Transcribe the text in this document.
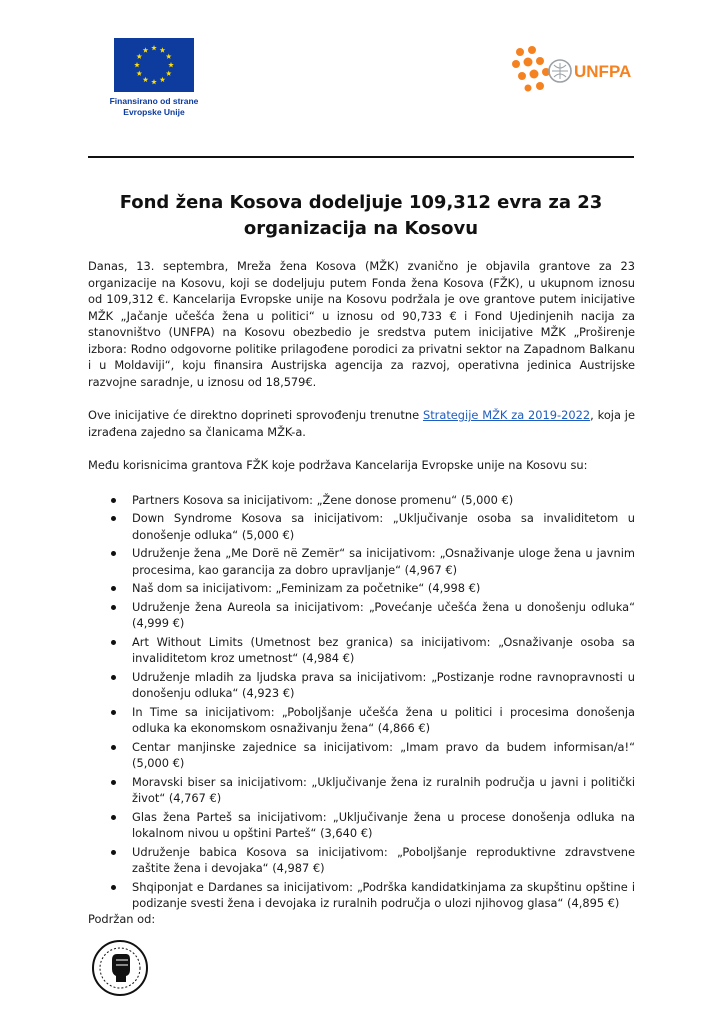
Finansirano od strane
Evropske Unije
UNFPA
Fond žena Kosova dodeljuje 109,312 evra za 23
organizacija na Kosovu

Danas, 13. septembra, Mreža žena Kosova (MŽK) zvanično je objavila grantove za 23 organizacije na Kosovu, koji se dodeljuju putem Fonda žena Kosova (FŽK), u ukupnom iznosu od 109,312 €. Kancelarija Evropske unije na Kosovu podržala je ove grantove putem inicijative MŽK „Jačanje učešća žena u politici“ u iznosu od 90,733 € i Fond Ujedinjenih nacija za stanovništvo (UNFPA) na Kosovu obezbedio je sredstva putem inicijative MŽK „Proširenje izbora: Rodno odgovorne politike prilagođene porodici za privatni sektor na Zapadnom Balkanu i u Moldaviji“, koju finansira Austrijska agencija za razvoj, operativna jedinica Austrijske razvojne saradnje, u iznosu od 18,579€.

Ove inicijative će direktno doprineti sprovođenju trenutne Strategije MŽK za 2019-2022, koja je izrađena zajedno sa članicama MŽK-a.

Među korisnicima grantova FŽK koje podržava Kancelarija Evropske unije na Kosovu su:

Partners Kosova sa inicijativom: „Žene donose promenu“ (5,000 €)
Down Syndrome Kosova sa inicijativom: „Uključivanje osoba sa invaliditetom u donošenje odluka“ (5,000 €)
Udruženje žena „Me Dorë në Zemër“ sa inicijativom: „Osnaživanje uloge žena u javnim procesima, kao garancija za dobro upravljanje“ (4,967 €)
Naš dom sa inicijativom: „Feminizam za početnike“ (4,998 €)
Udruženje žena Aureola sa inicijativom: „Povećanje učešća žena u donošenju odluka“ (4,999 €)
Art Without Limits (Umetnost bez granica) sa inicijativom: „Osnaživanje osoba sa invaliditetom kroz umetnost“ (4,984 €)
Udruženje mladih za ljudska prava sa inicijativom: „Postizanje rodne ravnopravnosti u donošenju odluka“ (4,923 €)
In Time sa inicijativom: „Poboljšanje učešća žena u politici i procesima donošenja odluka ka ekonomskom osnaživanju žena“ (4,866 €)
Centar manjinske zajednice sa inicijativom: „Imam pravo da budem informisan/a!“ (5,000 €)
Moravski biser sa inicijativom: „Uključivanje žena iz ruralnih područja u javni i politički život“ (4,767 €)
Glas žena Parteš sa inicijativom: „Uključivanje žena u procese donošenja odluka na lokalnom nivou u opštini Parteš“ (3,640 €)
Udruženje babica Kosova sa inicijativom: „Poboljšanje reproduktivne zdravstvene zaštite žena i devojaka“ (4,987 €)
Shqiponjat e Dardanes sa inicijativom: „Podrška kandidatkinjama za skupštinu opštine i podizanje svesti žena i devojaka iz ruralnih područja o ulozi njihovog glasa“ (4,895 €)
Podržan od:
